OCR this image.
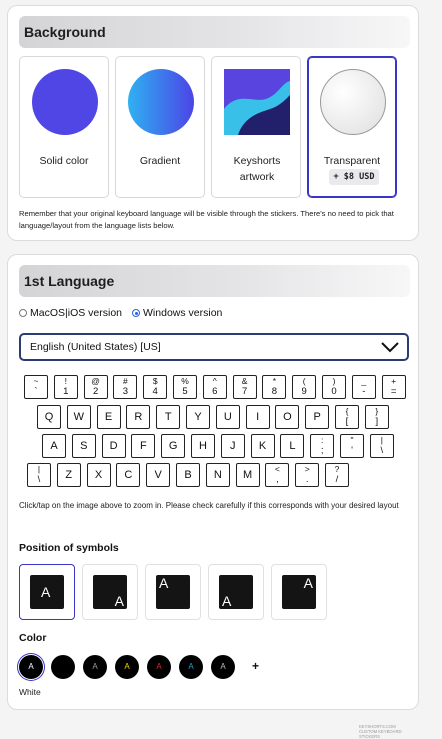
Background
Solid color	Gradient	Keyshorts artwork
Transparent
+ $8 USD
Remember that your original keyboard language will be visible through the stickers. There's no need to pick that language/layout from the language lists below.
1st Language
MacOS|iOS version Windows version
English (United States) [US]
~
`
!
1
@
2
#
3
$
4
%
5
^
6
&
7
*
8
(
9
)
0
_
-
+
=
Q	W	E	R	T	Y	U	I	O	P	{
[
}
]
A	S	D	F	G	H	J	K	L	:
;
"
'
|
\
|
\	Z	X	C	V	B	N	M	<
,
>
.
?
/
KEYSHORTS.COM CUSTOM KEYBOARD STICKERS
Click/tap on the image above to zoom in. Please check carefully if this corresponds with your desired layout
Position of symbols
A
A
A
A
A
Color
A	A	A	A	A	A	A	+
White
